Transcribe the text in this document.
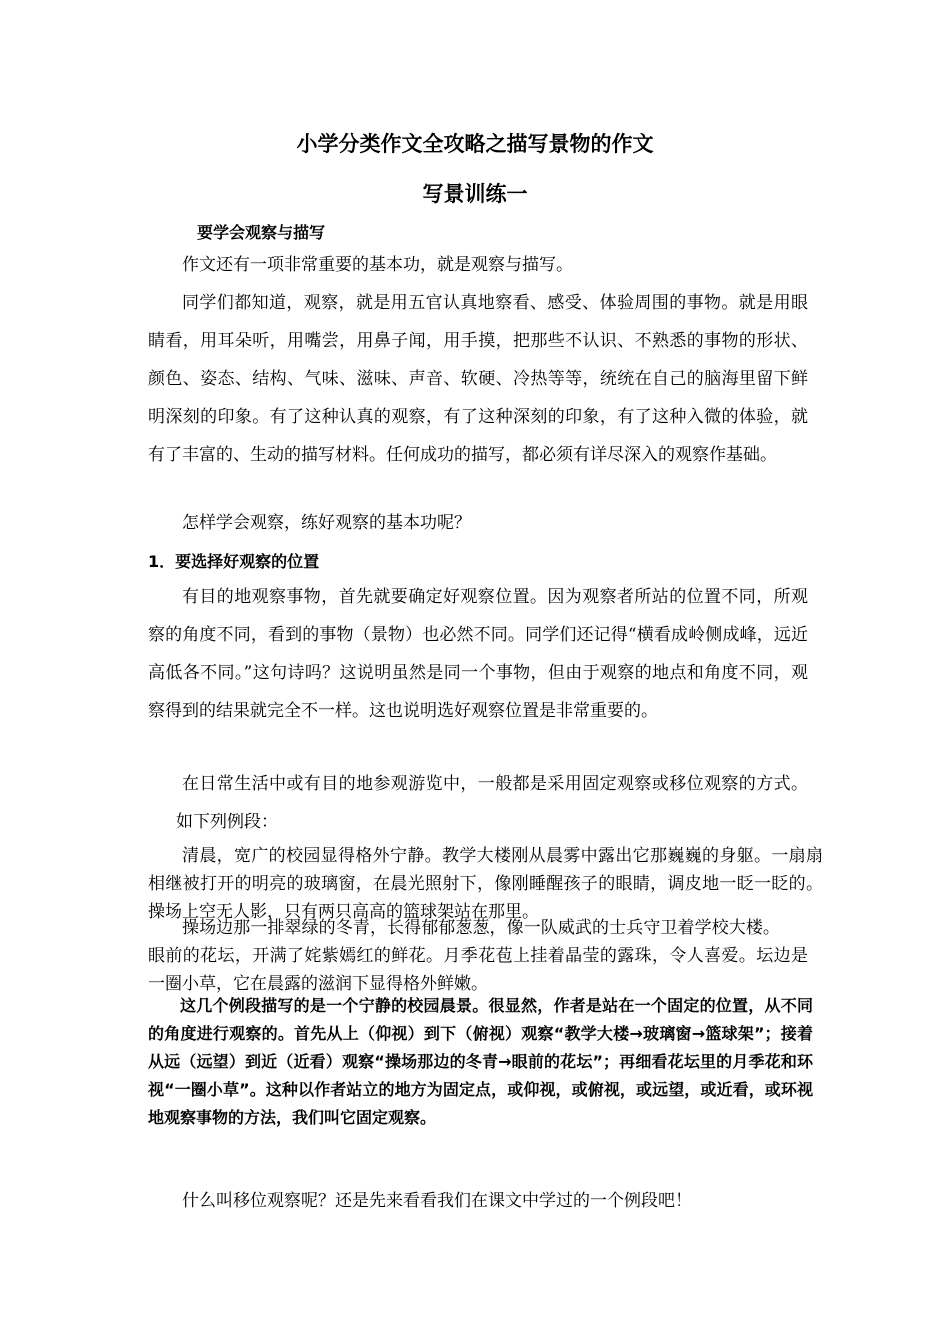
小学分类作文全攻略之描写景物的作文
写景训练一
要学会观察与描写

作文还有一项非常重要的基本功，就是观察与描写。

同学们都知道，观察，就是用五官认真地察看、感受、体验周围的事物。就是用眼睛看，用耳朵听，用嘴尝，用鼻子闻，用手摸，把那些不认识、不熟悉的事物的形状、颜色、姿态、结构、气味、滋味、声音、软硬、冷热等等，统统在自己的脑海里留下鲜明深刻的印象。有了这种认真的观察，有了这种深刻的印象，有了这种入微的体验，就有了丰富的、生动的描写材料。任何成功的描写，都必须有详尽深入的观察作基础。

怎样学会观察，练好观察的基本功呢？

1．要选择好观察的位置

有目的地观察事物，首先就要确定好观察位置。因为观察者所站的位置不同，所观察的角度不同，看到的事物（景物）也必然不同。同学们还记得“横看成岭侧成峰，远近高低各不同。”这句诗吗？这说明虽然是同一个事物，但由于观察的地点和角度不同，观察得到的结果就完全不一样。这也说明选好观察位置是非常重要的。

在日常生活中或有目的地参观游览中，一般都是采用固定观察或移位观察的方式。如下列例段：

清晨，宽广的校园显得格外宁静。教学大楼刚从晨雾中露出它那巍巍的身躯。一扇扇相继被打开的明亮的玻璃窗，在晨光照射下，像刚睡醒孩子的眼睛，调皮地一眨一眨的。操场上空无人影，只有两只高高的篮球架站在那里。

操场边那一排翠绿的冬青，长得郁郁葱葱，像一队威武的士兵守卫着学校大楼。眼前的花坛，开满了姹紫嫣红的鲜花。月季花苞上挂着晶莹的露珠，令人喜爱。坛边是一圈小草，它在晨露的滋润下显得格外鲜嫩。

这几个例段描写的是一个宁静的校园晨景。很显然，作者是站在一个固定的位置，从不同的角度进行观察的。首先从上（仰视）到下（俯视）观察“教学大楼→玻璃窗→篮球架”；接着从远（远望）到近（近看）观察“操场那边的冬青→眼前的花坛”；再细看花坛里的月季花和环视“一圈小草”。这种以作者站立的地方为固定点，或仰视，或俯视，或远望，或近看，或环视地观察事物的方法，我们叫它固定观察。

什么叫移位观察呢？还是先来看看我们在课文中学过的一个例段吧！
